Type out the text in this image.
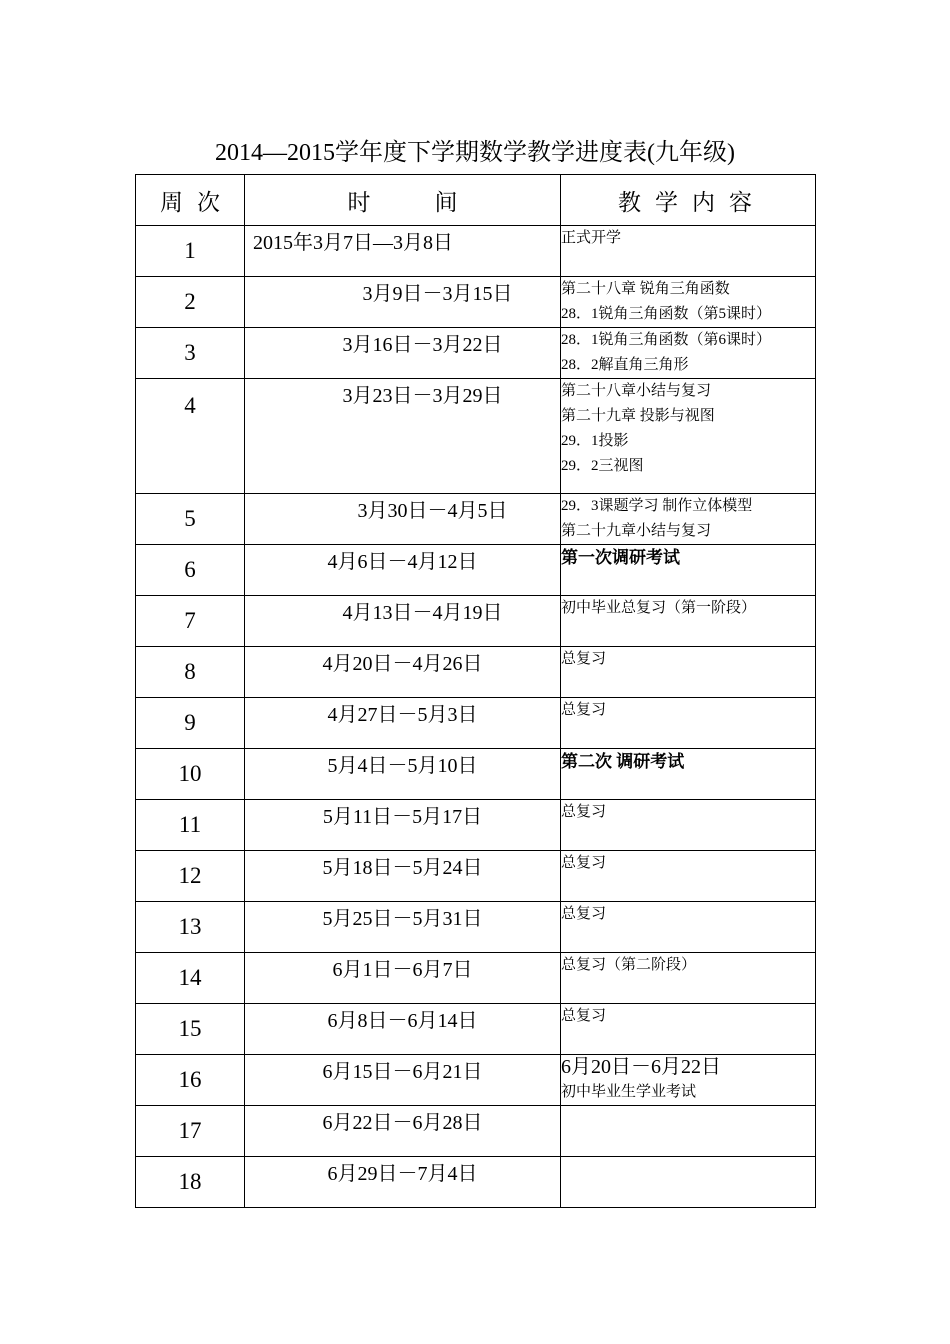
2014—2015学年度下学期数学教学进度表(九年级)
周次	时 间	教学内容
1	2015年3月7日—3月8日	正式开学

2	3月9日－3月15日	第二十八章 锐角三角函数
28．1锐角三角函数（第5课时）

3	3月16日－3月22日	28．1锐角三角函数（第6课时）
28．2解直角三角形

4	3月23日－3月29日	第二十八章小结与复习
第二十九章 投影与视图
29．1投影
29．2三视图

5	3月30日－4月5日	29．3课题学习 制作立体模型
第二十九章小结与复习

6	4月6日－4月12日	第一次调研考试

7	4月13日－4月19日	初中毕业总复习（第一阶段）

8	4月20日－4月26日	总复习

9	4月27日－5月3日	总复习

10	5月4日－5月10日	第二次 调研考试

11	5月11日－5月17日	总复习

12	5月18日－5月24日	总复习

13	5月25日－5月31日	总复习

14	6月1日－6月7日	总复习（第二阶段）

15	6月8日－6月14日	总复习

16	6月15日－6月21日	6月20日－6月22日
初中毕业生学业考试

17	6月22日－6月28日	
18	6月29日－7月4日	
